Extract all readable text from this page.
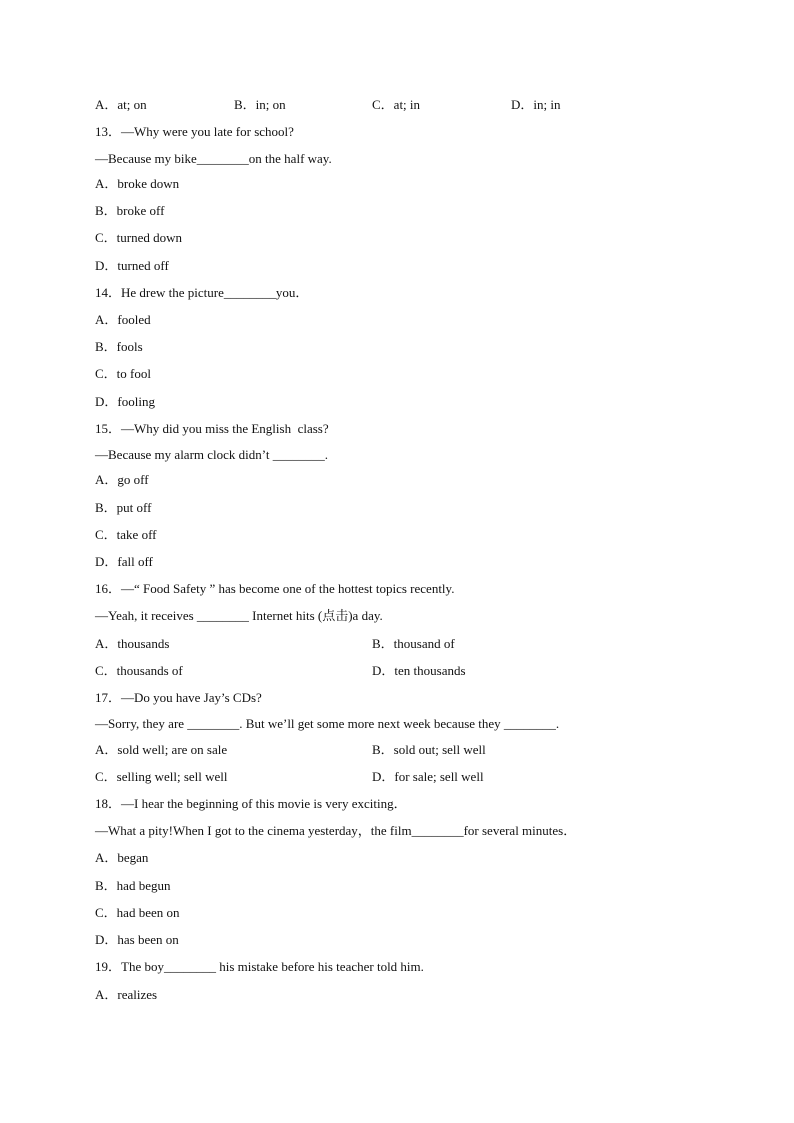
A．at; on	B．in; on	C．at; in	D．in; in
13．—Why were you late for school?
—Because my bike________on the half way.
A．broke down
B．broke off
C．turned down
D．turned off
14．He drew the picture________you．
A．fooled
B．fools
C．to fool
D．fooling
15．—Why did you miss the English  class?
—Because my alarm clock didn’t ________.
A．go off
B．put off
C．take off
D．fall off
16．—“ Food Safety ” has become one of the hottest topics recently.
—Yeah, it receives ________ Internet hits (点击)a day.
A．thousands	B．thousand of
C．thousands of	D．ten thousands
17．—Do you have Jay’s CDs?
—Sorry, they are ________. But we’ll get some more next week because they ________.
A．sold well; are on sale	B．sold out; sell well
C．selling well; sell well	D．for sale; sell well
18．—I hear the beginning of this movie is very exciting．
—What a pity!When I got to the cinema yesterday，the film________for several minutes．
A．began
B．had begun
C．had been on
D．has been on
19．The boy________ his mistake before his teacher told him.
A．realizes
